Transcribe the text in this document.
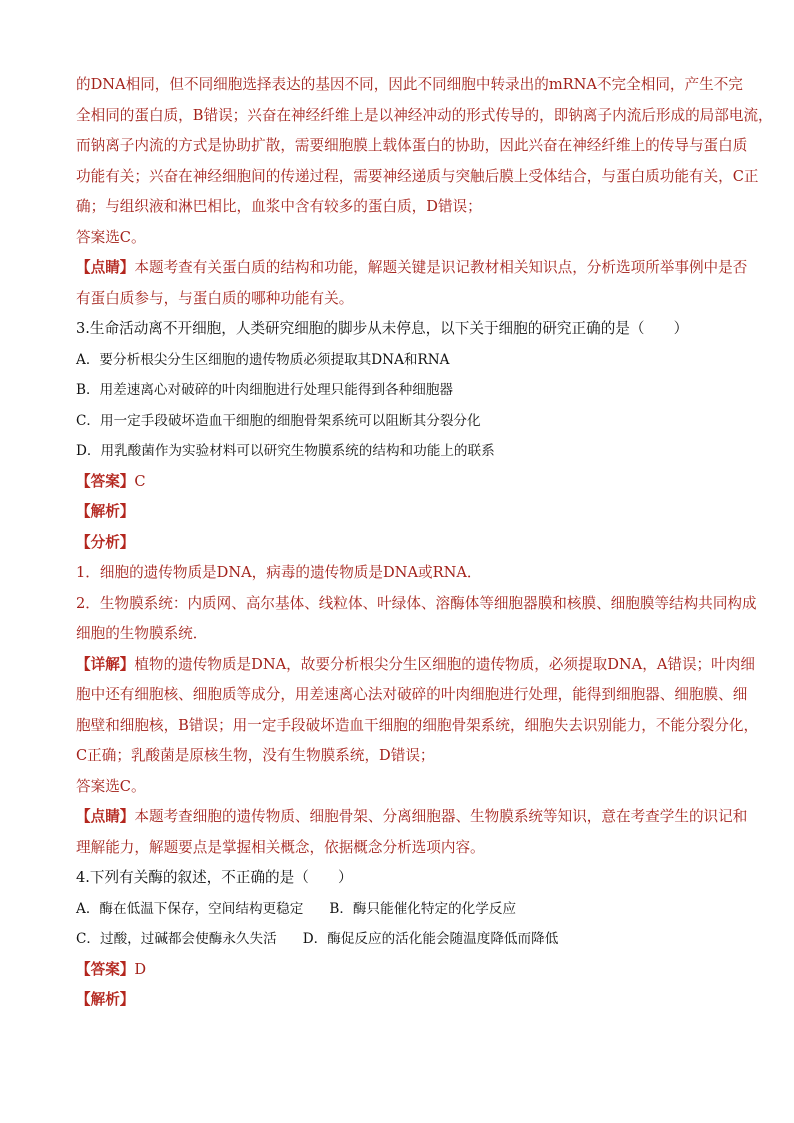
的DNA相同，但不同细胞选择表达的基因不同，因此不同细胞中转录出的mRNA不完全相同，产生不完
全相同的蛋白质，B错误；兴奋在神经纤维上是以神经冲动的形式传导的，即钠离子内流后形成的局部电流，
而钠离子内流的方式是协助扩散，需要细胞膜上载体蛋白的协助，因此兴奋在神经纤维上的传导与蛋白质
功能有关；兴奋在神经细胞间的传递过程，需要神经递质与突触后膜上受体结合，与蛋白质功能有关，C正
确；与组织液和淋巴相比，血浆中含有较多的蛋白质，D错误；
答案选C。
【点睛】本题考查有关蛋白质的结构和功能，解题关键是识记教材相关知识点，分析选项所举事例中是否
有蛋白质参与，与蛋白质的哪种功能有关。
3.生命活动离不开细胞，人类研究细胞的脚步从未停息，以下关于细胞的研究正确的是（　　）
A．要分析根尖分生区细胞的遗传物质必须提取其DNA和RNA
B．用差速离心对破碎的叶肉细胞进行处理只能得到各种细胞器
C．用一定手段破坏造血干细胞的细胞骨架系统可以阻断其分裂分化
D．用乳酸菌作为实验材料可以研究生物膜系统的结构和功能上的联系
【答案】C
【解析】
【分析】
1．细胞的遗传物质是DNA，病毒的遗传物质是DNA或RNA．
2．生物膜系统：内质网、高尔基体、线粒体、叶绿体、溶酶体等细胞器膜和核膜、细胞膜等结构共同构成
细胞的生物膜系统．
【详解】植物的遗传物质是DNA，故要分析根尖分生区细胞的遗传物质，必须提取DNA，A错误；叶肉细
胞中还有细胞核、细胞质等成分，用差速离心法对破碎的叶肉细胞进行处理，能得到细胞器、细胞膜、细
胞壁和细胞核，B错误；用一定手段破坏造血干细胞的细胞骨架系统，细胞失去识别能力，不能分裂分化，
C正确；乳酸菌是原核生物，没有生物膜系统，D错误；
答案选C。
【点睛】本题考查细胞的遗传物质、细胞骨架、分离细胞器、生物膜系统等知识，意在考查学生的识记和
理解能力，解题要点是掌握相关概念，依据概念分析选项内容。
4.下列有关酶的叙述，不正确的是（　　）
A．酶在低温下保存，空间结构更稳定 B．酶只能催化特定的化学反应
C．过酸，过碱都会使酶永久失活 D．酶促反应的活化能会随温度降低而降低
【答案】D
【解析】
